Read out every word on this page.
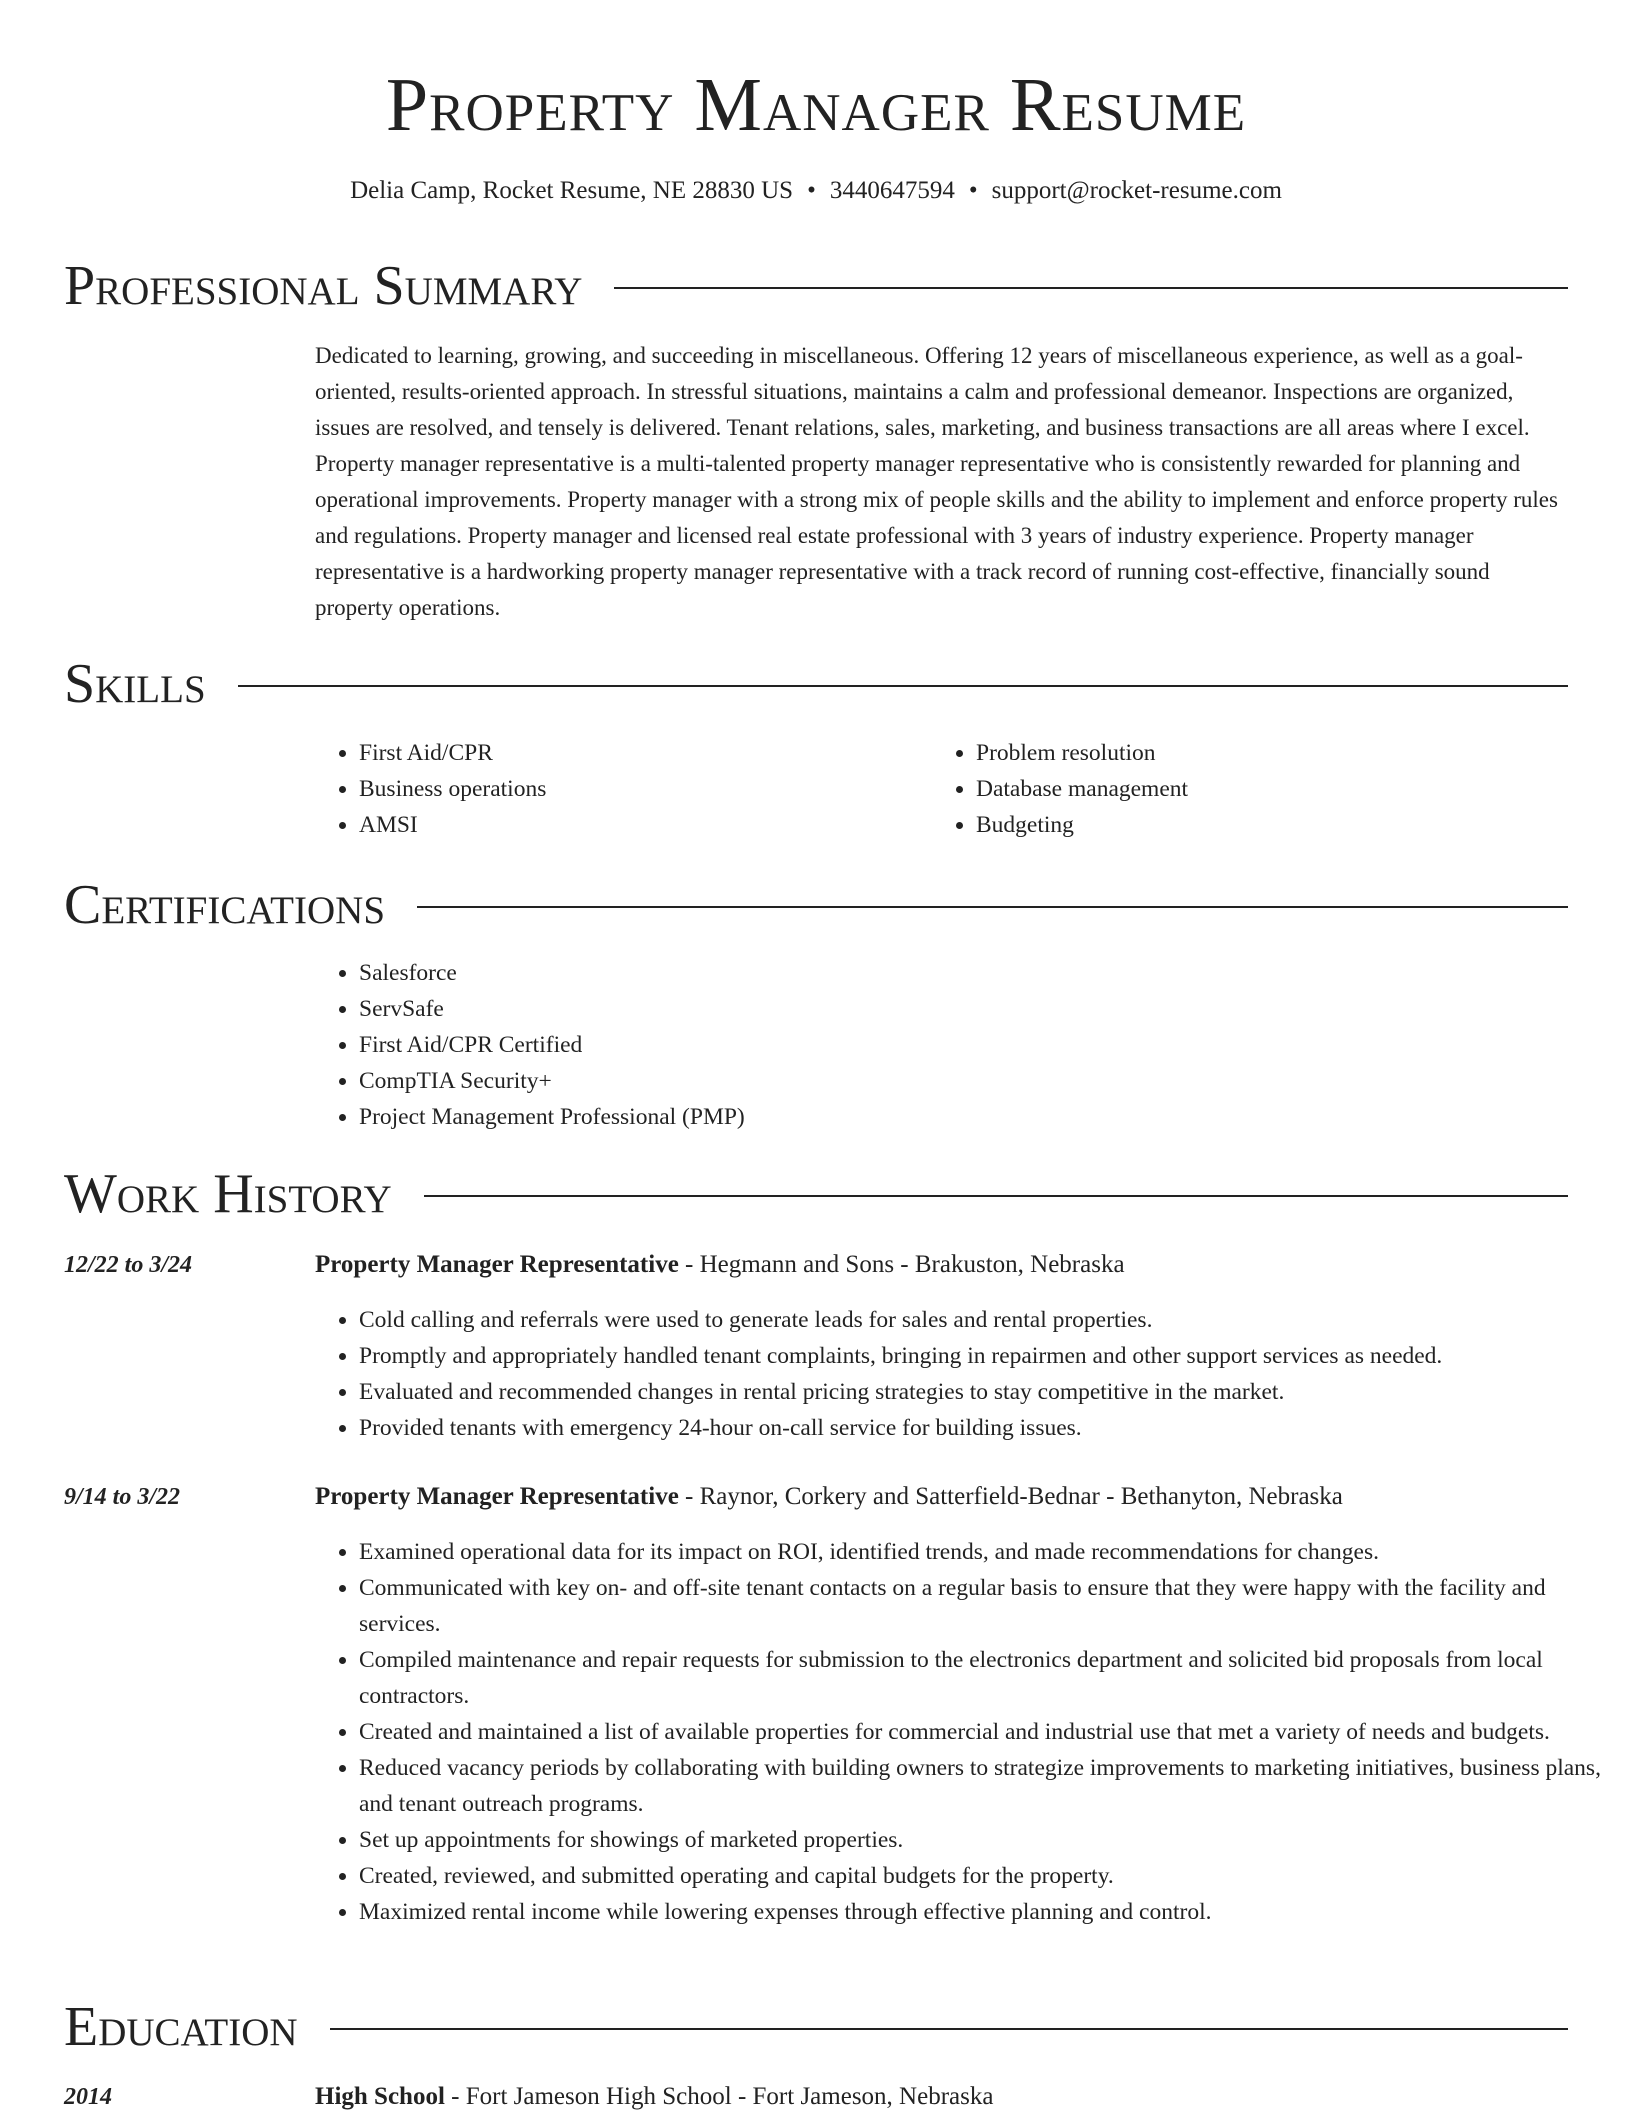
Property Manager Resume
Delia Camp, Rocket Resume, NE 28830 US • 3440647594 • support@rocket-resume.com
Professional Summary

Dedicated to learning, growing, and succeeding in miscellaneous. Offering 12 years of miscellaneous experience, as well as a goal-oriented, results-oriented approach. In stressful situations, maintains a calm and professional demeanor. Inspections are organized, issues are resolved, and tensely is delivered. Tenant relations, sales, marketing, and business transactions are all areas where I excel. Property manager representative is a multi-talented property manager representative who is consistently rewarded for planning and operational improvements. Property manager with a strong mix of people skills and the ability to implement and enforce property rules and regulations. Property manager and licensed real estate professional with 3 years of industry experience. Property manager representative is a hardworking property manager representative with a track record of running cost-effective, financially sound property operations.

Skills
• First Aid/CPR
• Business operations
• AMSI
• Problem resolution
• Database management
• Budgeting
Certifications
• Salesforce
• ServSafe
• First Aid/CPR Certified
• CompTIA Security+
• Project Management Professional (PMP)
Work History
12/22 to 3/24	Property Manager Representative - Hegmann and Sons - Brakuston, Nebraska
• Cold calling and referrals were used to generate leads for sales and rental properties.
• Promptly and appropriately handled tenant complaints, bringing in repairmen and other support services as needed.
• Evaluated and recommended changes in rental pricing strategies to stay competitive in the market.
• Provided tenants with emergency 24-hour on-call service for building issues.
9/14 to 3/22	Property Manager Representative - Raynor, Corkery and Satterfield-Bednar - Bethanyton, Nebraska
• Examined operational data for its impact on ROI, identified trends, and made recommendations for changes.
• Communicated with key on- and off-site tenant contacts on a regular basis to ensure that they were happy with the facility and services.
• Compiled maintenance and repair requests for submission to the electronics department and solicited bid proposals from local contractors.
• Created and maintained a list of available properties for commercial and industrial use that met a variety of needs and budgets.
• Reduced vacancy periods by collaborating with building owners to strategize improvements to marketing initiatives, business plans, and tenant outreach programs.
• Set up appointments for showings of marketed properties.
• Created, reviewed, and submitted operating and capital budgets for the property.
• Maximized rental income while lowering expenses through effective planning and control.
Education
2014	High School - Fort Jameson High School - Fort Jameson, Nebraska
